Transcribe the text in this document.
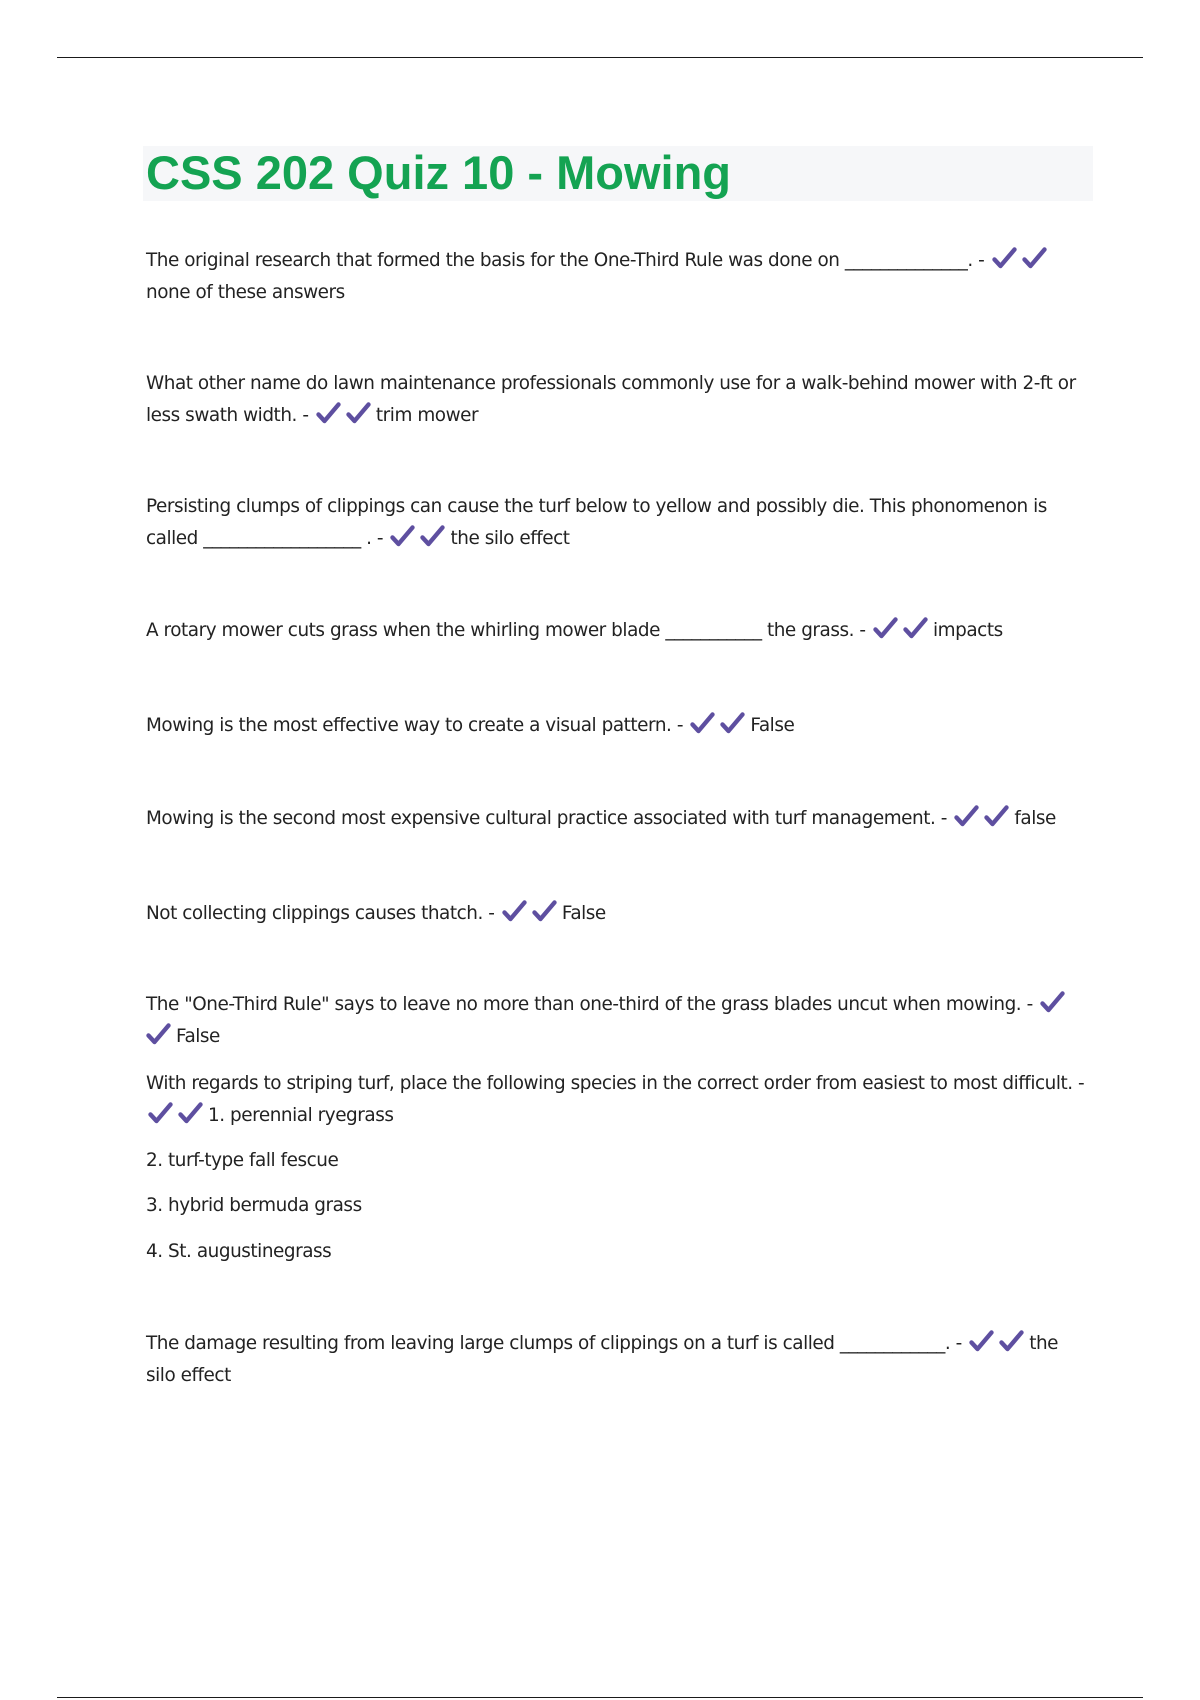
CSS 202 Quiz 10 - Mowing
The original research that formed the basis for the One-Third Rule was done on ______________. -
none of these answers
What other name do lawn maintenance professionals commonly use for a walk-behind mower with 2-ft or less swath width. -	trim mower
Persisting clumps of clippings can cause the turf below to yellow and possibly die. This phonomenon is called __________________ . -	the silo effect
A rotary mower cuts grass when the whirling mower blade ___________ the grass. -	impacts
Mowing is the most effective way to create a visual pattern. -	False
Mowing is the second most expensive cultural practice associated with turf management. -	false
Not collecting clippings causes thatch. -	False
The "One-Third Rule" says to leave no more than one-third of the grass blades uncut when mowing. -
False
With regards to striping turf, place the following species in the correct order from easiest to most difficult. -
1. perennial ryegrass
2. turf-type fall fescue
3. hybrid bermuda grass
4. St. augustinegrass
The damage resulting from leaving large clumps of clippings on a turf is called ____________. -	the silo effect
